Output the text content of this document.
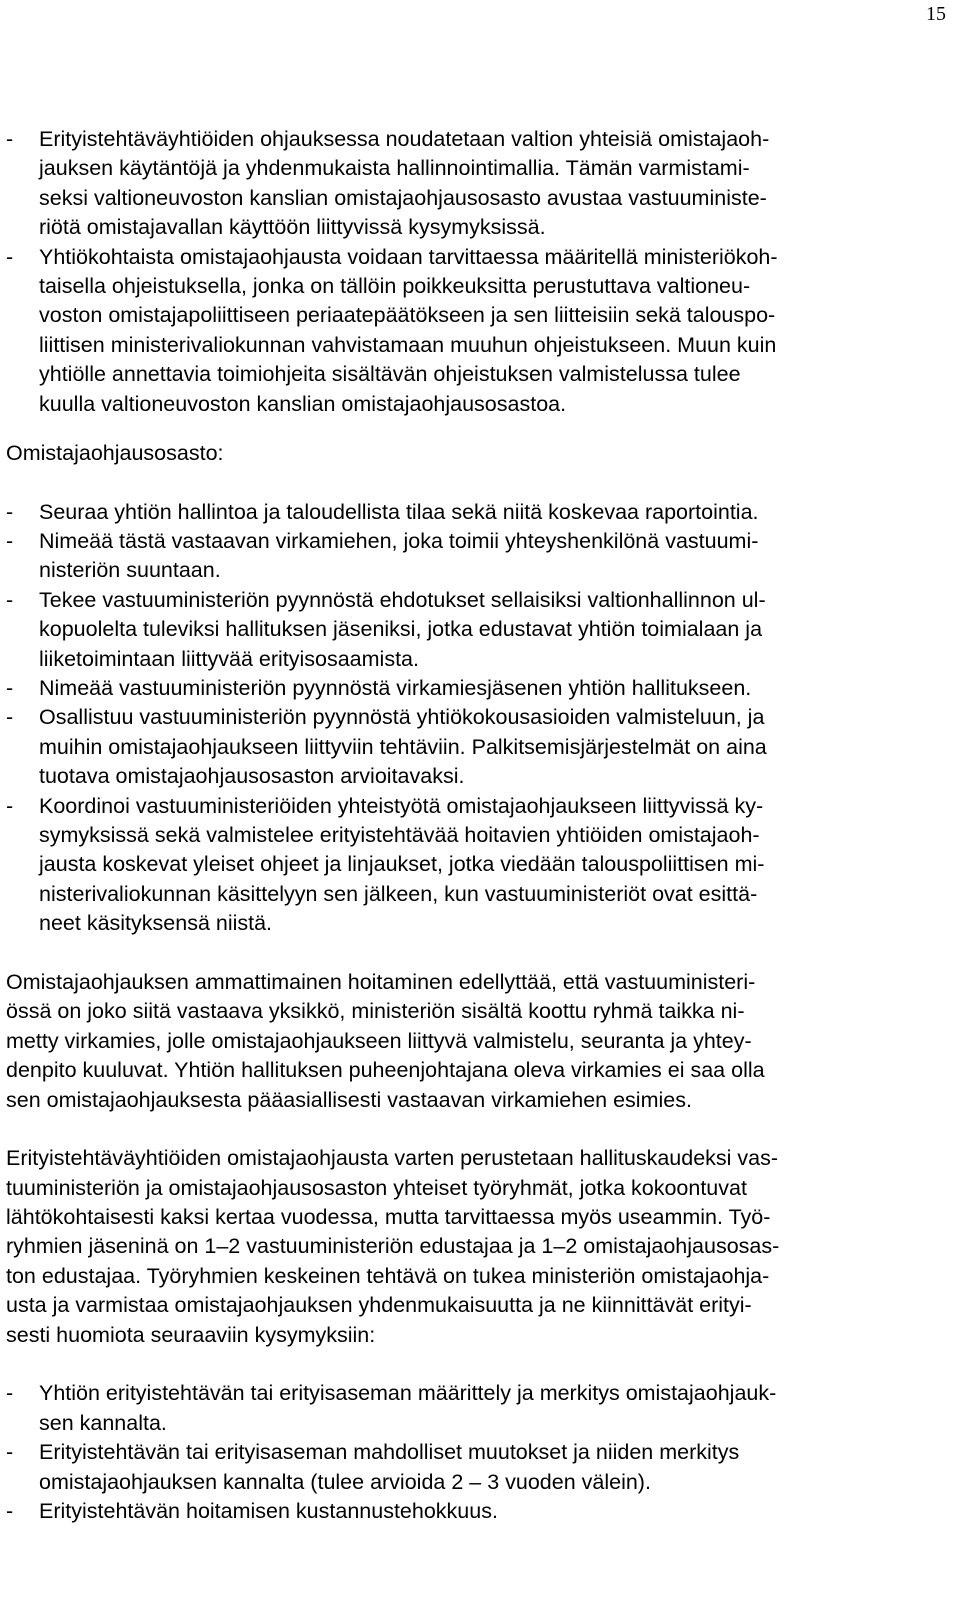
15
- Erityistehtäväyhtiöiden ohjauksessa noudatetaan valtion yhteisiä omistajaoh-
jauksen käytäntöjä ja yhdenmukaista hallinnointimallia. Tämän varmistami-
seksi valtioneuvoston kanslian omistajaohjausosasto avustaa vastuuministe-
riötä omistajavallan käyttöön liittyvissä kysymyksissä.
- Yhtiökohtaista omistajaohjausta voidaan tarvittaessa määritellä ministeriökoh-
taisella ohjeistuksella, jonka on tällöin poikkeuksitta perustuttava valtioneu-
voston omistajapoliittiseen periaatepäätökseen ja sen liitteisiin sekä talouspo-
liittisen ministerivaliokunnan vahvistamaan muuhun ohjeistukseen. Muun kuin
yhtiölle annettavia toimiohjeita sisältävän ohjeistuksen valmistelussa tulee
kuulla valtioneuvoston kanslian omistajaohjausosastoa.
Omistajaohjausosasto:
- Seuraa yhtiön hallintoa ja taloudellista tilaa sekä niitä koskevaa raportointia.
- Nimeää tästä vastaavan virkamiehen, joka toimii yhteyshenkilönä vastuumi-
nisteriön suuntaan.
- Tekee vastuuministeriön pyynnöstä ehdotukset sellaisiksi valtionhallinnon ul-
kopuolelta tuleviksi hallituksen jäseniksi, jotka edustavat yhtiön toimialaan ja
liiketoimintaan liittyvää erityisosaamista.
- Nimeää vastuuministeriön pyynnöstä virkamiesjäsenen yhtiön hallitukseen.
- Osallistuu vastuuministeriön pyynnöstä yhtiökokousasioiden valmisteluun, ja
muihin omistajaohjaukseen liittyviin tehtäviin. Palkitsemisjärjestelmät on aina
tuotava omistajaohjausosaston arvioitavaksi.
- Koordinoi vastuuministeriöiden yhteistyötä omistajaohjaukseen liittyvissä ky-
symyksissä sekä valmistelee erityistehtävää hoitavien yhtiöiden omistajaoh-
jausta koskevat yleiset ohjeet ja linjaukset, jotka viedään talouspoliittisen mi-
nisterivaliokunnan käsittelyyn sen jälkeen, kun vastuuministeriöt ovat esittä-
neet käsityksensä niistä.
Omistajaohjauksen ammattimainen hoitaminen edellyttää, että vastuuministeri-
össä on joko siitä vastaava yksikkö, ministeriön sisältä koottu ryhmä taikka ni-
metty virkamies, jolle omistajaohjaukseen liittyvä valmistelu, seuranta ja yhtey-
denpito kuuluvat. Yhtiön hallituksen puheenjohtajana oleva virkamies ei saa olla
sen omistajaohjauksesta pääasiallisesti vastaavan virkamiehen esimies.
Erityistehtäväyhtiöiden omistajaohjausta varten perustetaan hallituskaudeksi vas-
tuuministeriön ja omistajaohjausosaston yhteiset työryhmät, jotka kokoontuvat
lähtökohtaisesti kaksi kertaa vuodessa, mutta tarvittaessa myös useammin. Työ-
ryhmien jäseninä on 1–2 vastuuministeriön edustajaa ja 1–2 omistajaohjausosas-
ton edustajaa. Työryhmien keskeinen tehtävä on tukea ministeriön omistajaohja-
usta ja varmistaa omistajaohjauksen yhdenmukaisuutta ja ne kiinnittävät erityi-
sesti huomiota seuraaviin kysymyksiin:
- Yhtiön erityistehtävän tai erityisaseman määrittely ja merkitys omistajaohjauk-
sen kannalta.
- Erityistehtävän tai erityisaseman mahdolliset muutokset ja niiden merkitys
omistajaohjauksen kannalta (tulee arvioida 2 – 3 vuoden välein).
- Erityistehtävän hoitamisen kustannustehokkuus.
